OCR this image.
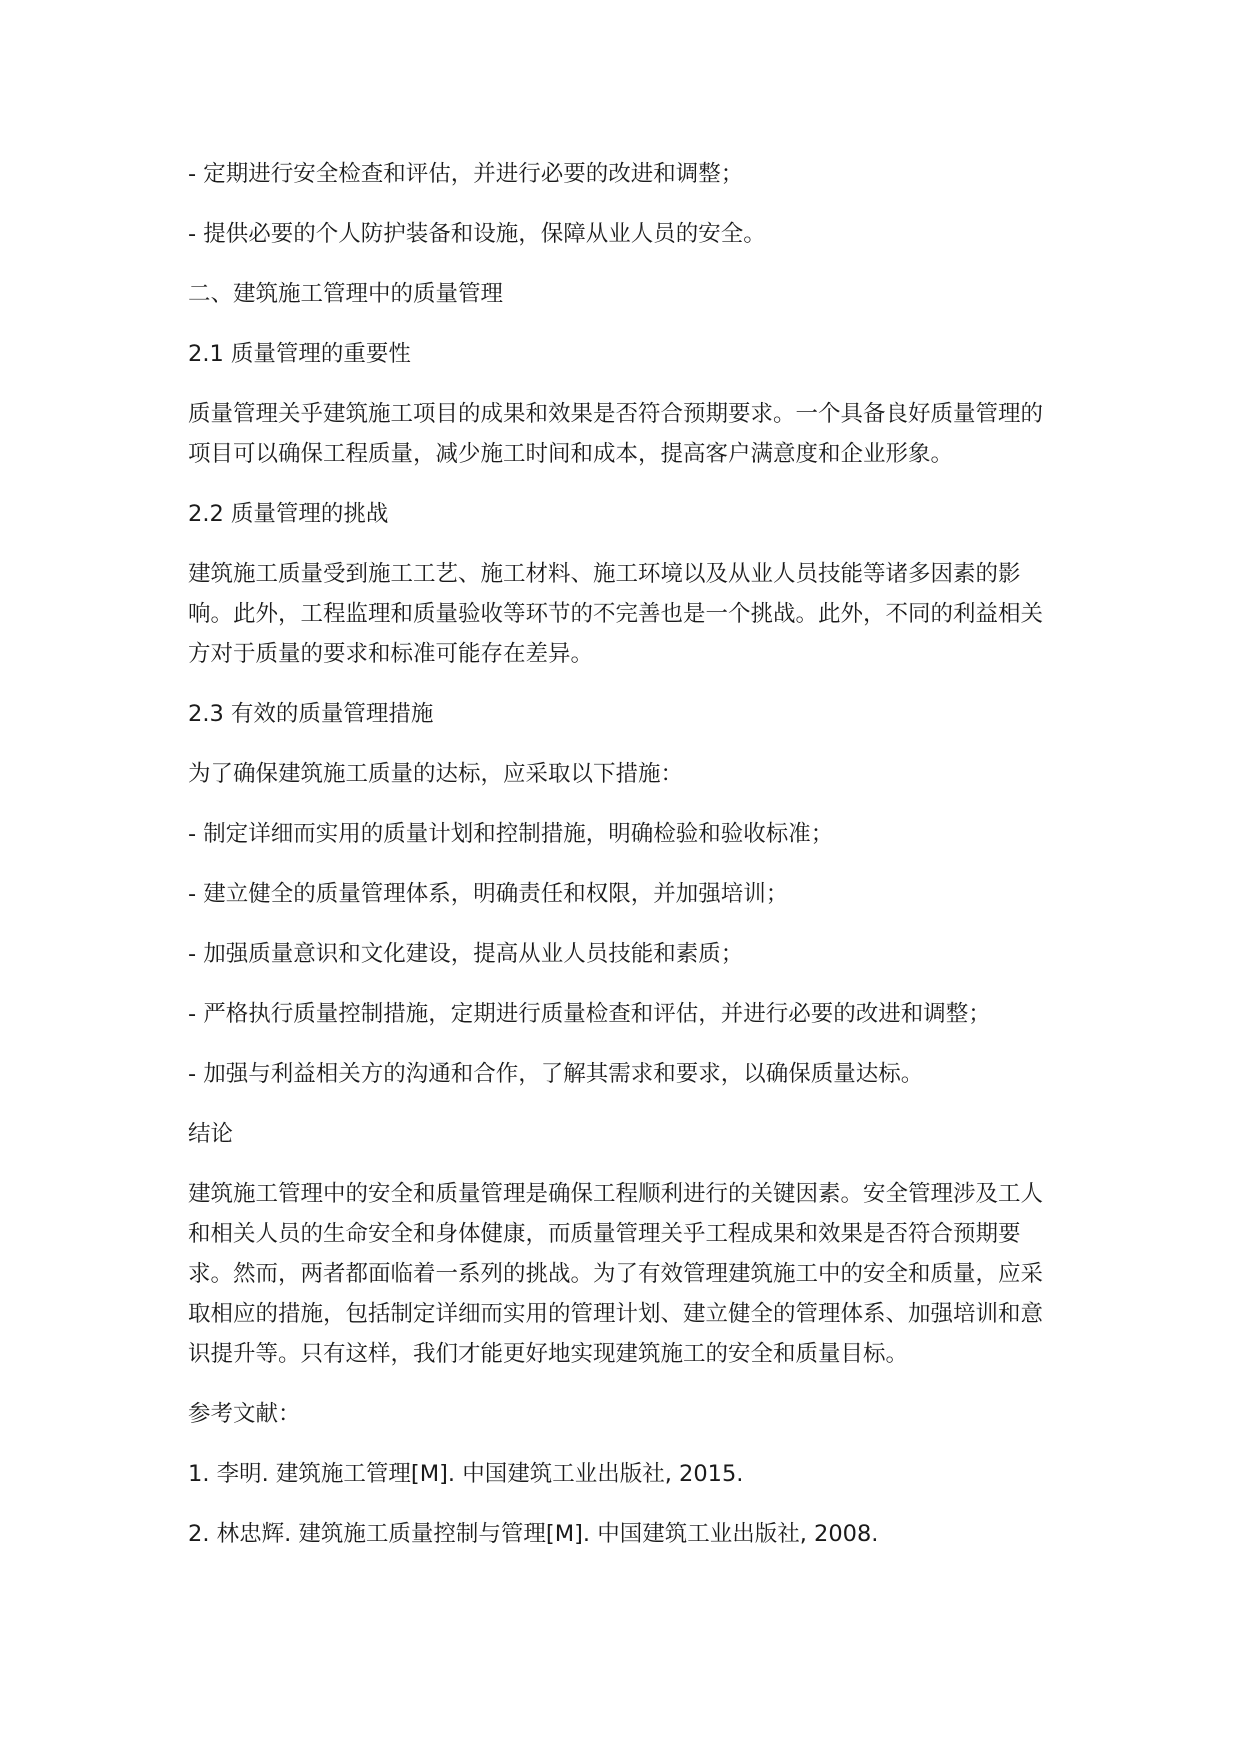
- 定期进行安全检查和评估，并进行必要的改进和调整；

- 提供必要的个人防护装备和设施，保障从业人员的安全。

二、建筑施工管理中的质量管理

2.1 质量管理的重要性

质量管理关乎建筑施工项目的成果和效果是否符合预期要求。一个具备良好质量管理的项目可以确保工程质量，减少施工时间和成本，提高客户满意度和企业形象。

2.2 质量管理的挑战

建筑施工质量受到施工工艺、施工材料、施工环境以及从业人员技能等诸多因素的影响。此外，工程监理和质量验收等环节的不完善也是一个挑战。此外，不同的利益相关方对于质量的要求和标准可能存在差异。

2.3 有效的质量管理措施

为了确保建筑施工质量的达标，应采取以下措施：

- 制定详细而实用的质量计划和控制措施，明确检验和验收标准；

- 建立健全的质量管理体系，明确责任和权限，并加强培训；

- 加强质量意识和文化建设，提高从业人员技能和素质；

- 严格执行质量控制措施，定期进行质量检查和评估，并进行必要的改进和调整；

- 加强与利益相关方的沟通和合作，了解其需求和要求，以确保质量达标。

结论

建筑施工管理中的安全和质量管理是确保工程顺利进行的关键因素。安全管理涉及工人和相关人员的生命安全和身体健康，而质量管理关乎工程成果和效果是否符合预期要求。然而，两者都面临着一系列的挑战。为了有效管理建筑施工中的安全和质量，应采取相应的措施，包括制定详细而实用的管理计划、建立健全的管理体系、加强培训和意识提升等。只有这样，我们才能更好地实现建筑施工的安全和质量目标。

参考文献：

1. 李明. 建筑施工管理[M]. 中国建筑工业出版社, 2015.

2. 林忠辉. 建筑施工质量控制与管理[M]. 中国建筑工业出版社, 2008.
